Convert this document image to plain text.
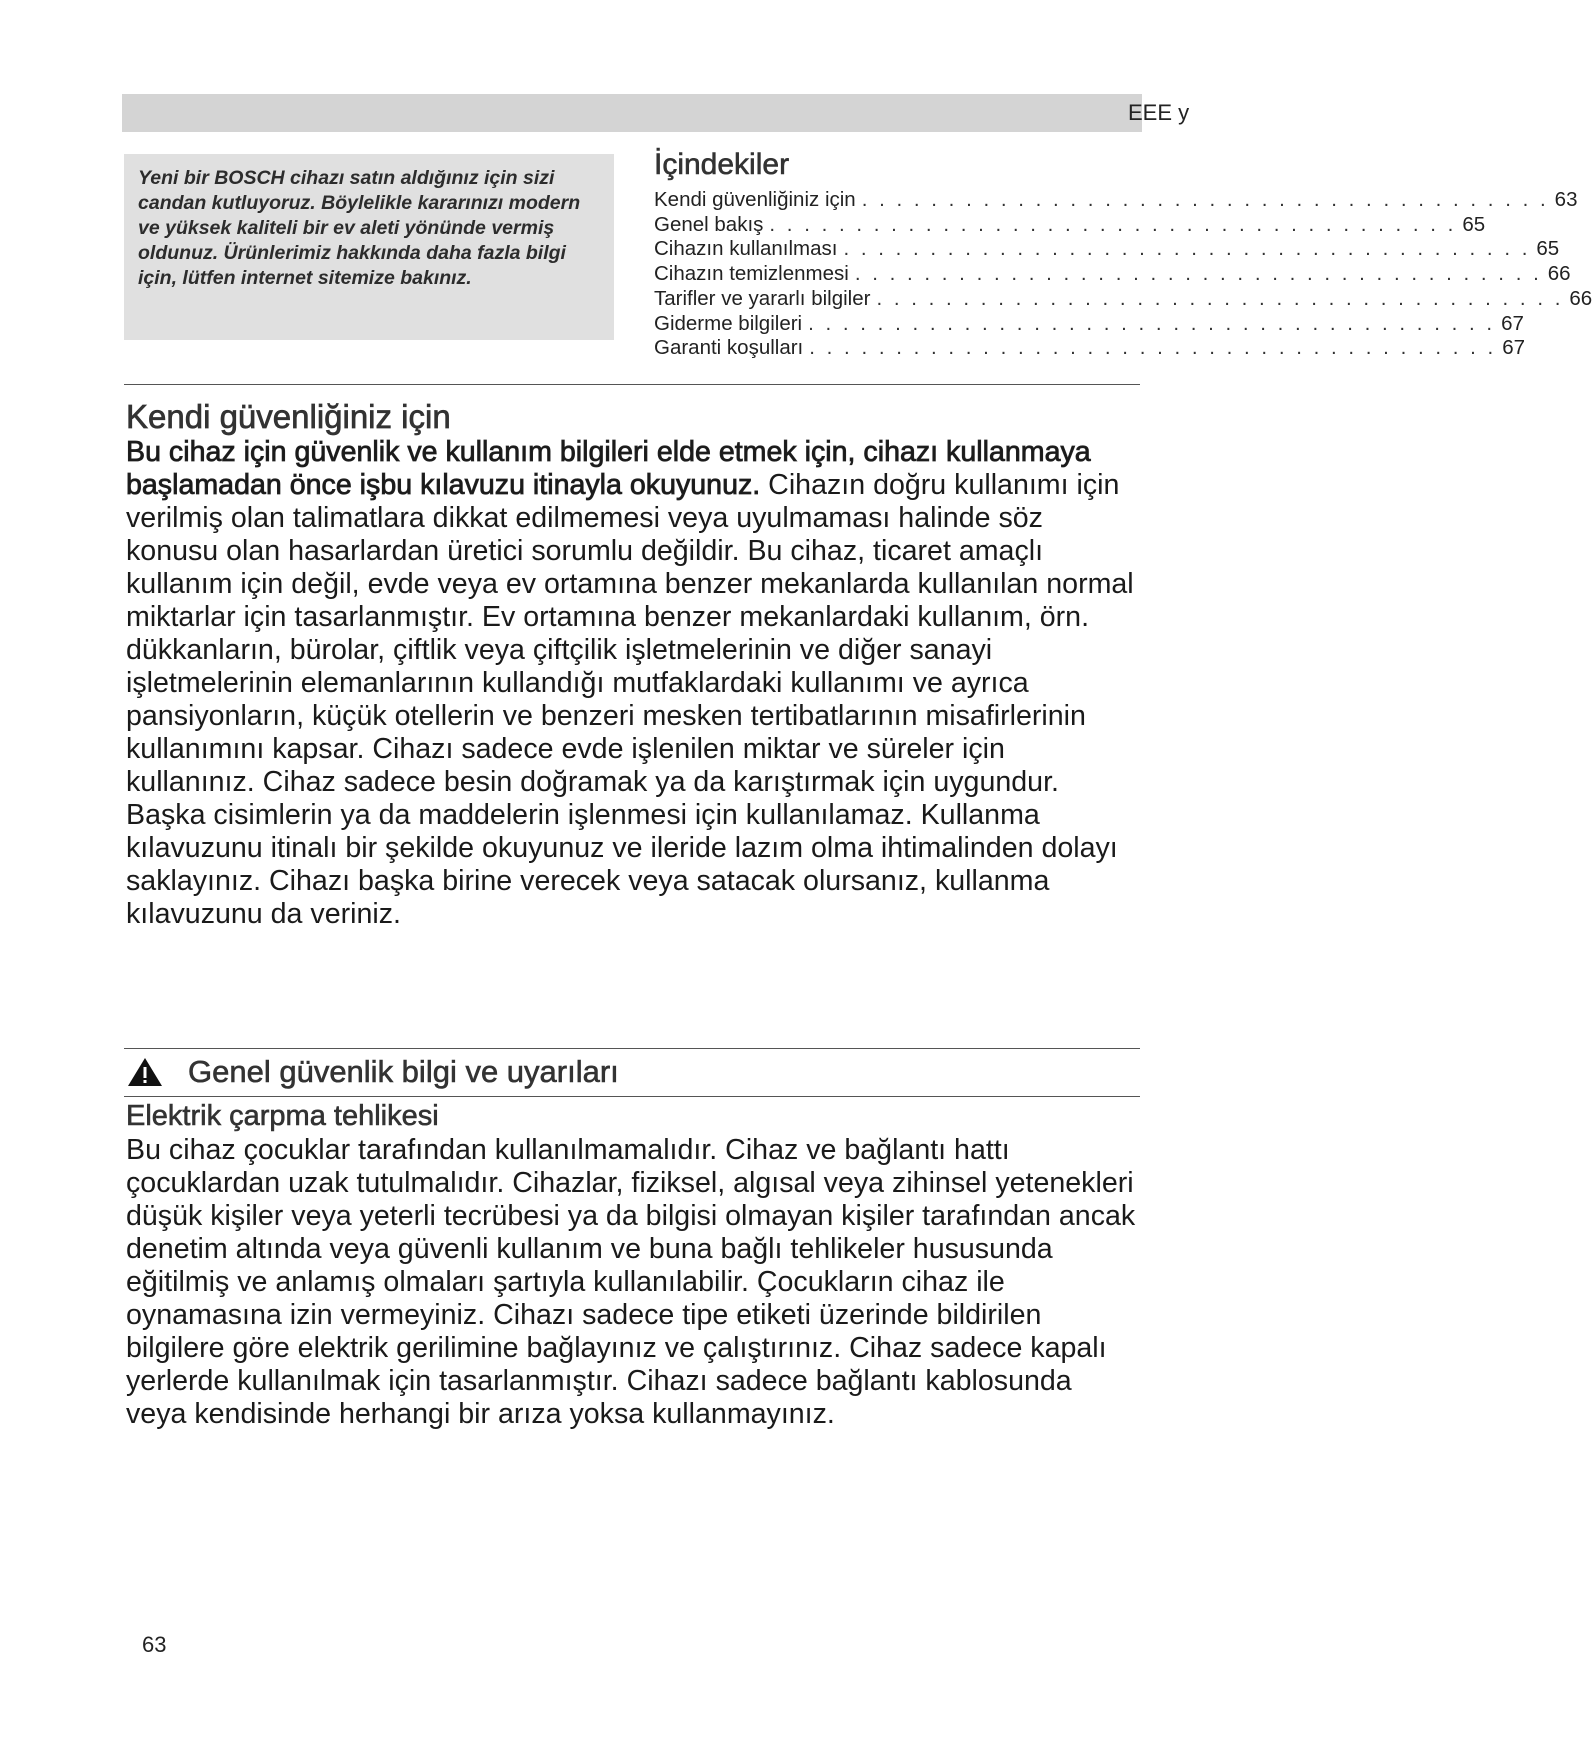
EEE y

Yeni bir BOSCH cihazı satın aldığınız için sizi candan kutluyoruz. Böylelikle kararınızı modern ve yüksek kaliteli bir ev aleti yönünde vermiş oldunuz. Ürünlerimiz hakkında daha fazla bilgi için, lütfen internet sitemize bakınız.

İçindekiler
Kendi güvenliğiniz için . . . . . . . . . . . . . . . . . . . . . . . . . . . . . . . . . . . . . . . . 63
Genel bakış . . . . . . . . . . . . . . . . . . . . . . . . . . . . . . . . . . . . . . . . 65
Cihazın kullanılması . . . . . . . . . . . . . . . . . . . . . . . . . . . . . . . . . . . . . . . . 65
Cihazın temizlenmesi . . . . . . . . . . . . . . . . . . . . . . . . . . . . . . . . . . . . . . . . 66
Tarifler ve yararlı bilgiler . . . . . . . . . . . . . . . . . . . . . . . . . . . . . . . . . . . . . . . . 66
Giderme bilgileri . . . . . . . . . . . . . . . . . . . . . . . . . . . . . . . . . . . . . . . . 67
Garanti koşulları . . . . . . . . . . . . . . . . . . . . . . . . . . . . . . . . . . . . . . . . 67
Kendi güvenliğiniz için

Bu cihaz için güvenlik ve kullanım bilgileri elde etmek için, cihazı kullanmaya başlamadan önce işbu kılavuzu itinayla okuyunuz. Cihazın doğru kullanımı için verilmiş olan talimatlara dikkat edilmemesi veya uyulmaması halinde söz konusu olan hasarlardan üretici sorumlu değildir. Bu cihaz, ticaret amaçlı kullanım için değil, evde veya ev ortamına benzer mekanlarda kullanılan normal miktarlar için tasarlanmıştır. Ev ortamına benzer mekanlardaki kullanım, örn. dükkanların, bürolar, çiftlik veya çiftçilik işletmelerinin ve diğer sanayi işletmelerinin elemanlarının kullandığı mutfaklardaki kullanımı ve ayrıca pansiyonların, küçük otellerin ve benzeri mesken tertibatlarının misafirlerinin kullanımını kapsar. Cihazı sadece evde işlenilen miktar ve süreler için kullanınız. Cihaz sadece besin doğramak ya da karıştırmak için uygundur. Başka cisimlerin ya da maddelerin işlenmesi için kullanılamaz. Kullanma kılavuzunu itinalı bir şekilde okuyunuz ve ileride lazım olma ihtimalinden dolayı saklayınız. Cihazı başka birine verecek veya satacak olursanız, kullanma kılavuzunu da veriniz.

Genel güvenlik bilgi ve uyarıları
Elektrik çarpma tehlikesi

Bu cihaz çocuklar tarafından kullanılmamalıdır. Cihaz ve bağlantı hattı çocuklardan uzak tutulmalıdır. Cihazlar, fiziksel, algısal veya zihinsel yetenekleri düşük kişiler veya yeterli tecrübesi ya da bilgisi olmayan kişiler tarafından ancak denetim altında veya güvenli kullanım ve buna bağlı tehlikeler hususunda eğitilmiş ve anlamış olmaları şartıyla kullanılabilir. Çocukların cihaz ile oynamasına izin vermeyiniz. Cihazı sadece tipe etiketi üzerinde bildirilen bilgilere göre elektrik gerilimine bağlayınız ve çalıştırınız. Cihaz sadece kapalı yerlerde kullanılmak için tasarlanmıştır. Cihazı sadece bağlantı kablosunda veya kendisinde herhangi bir arıza yoksa kullanmayınız.

63
